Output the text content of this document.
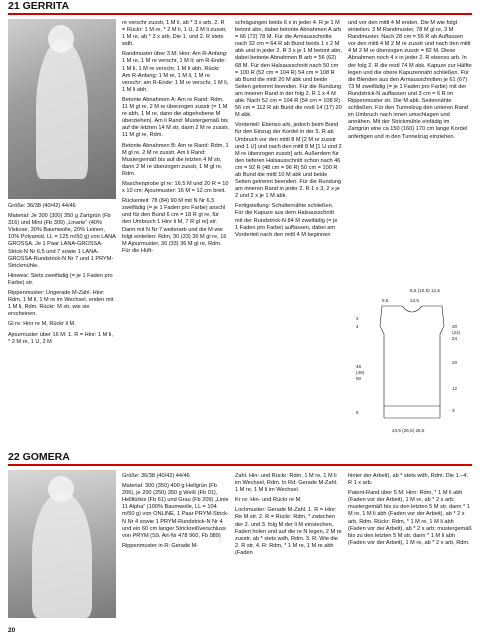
21 GERRITA

Größe: 36/38 (40/42) 44/46

Material: Je 300 (300) 350 g Zartgrün (Fb 316) und Mint (Fb 309) „Linarte“ (40% Viskose, 30% Baumwolle, 20% Leinen, 10% Polyamid, LL = 125 m/50 g) von LANA GROSSA. Je 1 Paar LANA-GROSSA-Strick-N Nr 6,5 und 7 sowie 1 LANA-GROSSA-Rundstrick-N Nr 7 und 1 PRYM-Strickmühle.

Hinweis: Stets zweifädig (= je 1 Faden pro Farbe) str.

Rippenmuster: Ungerade M-Zahl. Hinr: Rdm, 1 M li, 1 M re im Wechsel, enden mit 1 M li, Rdm. Rückr: M str, wie sie erscheinen.

Gl re: Hinr re M, Rückr li M.

Ajourmuster über 16 M: 1. R = Hinr: 1 M li, * 2 M re, 1 U, 2 M

re verschr zusstr, 1 M li, ab * 3 x arb. 2. R = Rückr: 1 M re, * 2 M li, 1 U, 2 M li zusstr, 1 M re, ab * 3 x arb. Die 1. und 2. R stets wdh.

Randmuster über 3 M: Hinr: Am R-Anfang: 1 M re, 1 M re verschr, 1 M li; am R-Ende: 1 M li, 1 M re verschr, 1 M li abh. Rückr: Am R-Anfang: 1 M re, 1 M li, 1 M re verschr; am R-Ende: 1 M re verschr, 1 M li, 1 M li abh.

Betonte Abnahmen A: Am re Rand: Rdm, 11 M gl re, 2 M re überzogen zusstr (= 1 M re abh, 1 M re, dann die abgehobene M überziehen). Am li Rand: Mustergemäß bis auf die letzten 14 M str, dann 2 M re zusstr, 11 M gl re, Rdm.

Betonte Abnahmen B: Am re Rand: Rdm, 1 M gl re, 2 M re zusstr. Am li Rand: Mustergemäß bis auf die letzten 4 M str, dann 2 M re überzogen zusstr, 1 M gl re, Rdm.

Maschenprobe gl re: 16,5 M und 20 R = 10 x 10 cm; Ajourmuster: 16 M = 12 cm breit.

Rückenteil: 78 (84) 90 M mit N Nr 6,5 zweifädig (= je 1 Faden pro Farbe) anschl und für den Bund 6 cm = 18 R gl re, für den Umbruch 1 Hinr li M, 7 R gl re] str. Dann mit N Nr 7 weiterarb und die M wie folgt einteilen: Rdm, 30 (33) 36 M gl re, 16 M Ajourmuster, 30 (33) 36 M gl re, Rdm. Für die Hüft-

schrägungen beids 6 x in jeder 4. R je 1 M betont abn, dabei betonte Abnahmen A arb = 66 (72) 78 M. Für die Armausschnitte nach 32 cm = 64 R ab Bund beids 1 x 2 M abk und in jeder 2. R 3 x je 1 M betont abn, dabei betonte Abnahmen B arb = 56 (62) 68 M. Für den Halsausschnitt nach 50 cm = 100 R (52 cm = 104 R) 54 cm = 108 R ab Bund die mittl 20 M abk und beide Seiten getrennt beenden. Für die Rundung am inneren Rand in der folg 2. R 1 x 4 M abk. Nach 52 cm = 104 R (54 cm = 108 R) 56 cm = 112 R ab Bund die restl 14 (17) 20 M abk.

Vorderteil: Ebenso arb, jedoch beim Bund für den Einzug der Kordel in der 5. R ab Umbruch vor den mittl 8 M [2 M re zusstr und 1 U] und nach den mittl 8 M [1 U und 2 M re überzogen zusstr] arb. Außerdem für den tieferen Halsausschnitt schon nach 46 cm = 92 R (48 cm = 96 R) 50 cm = 100 R ab Bund die mittl 10 M abk und beide Seiten getrennt beenden. Für die Rundung am inneren Rand in jeder 2. R 1 x 3, 2 x je 2 und 2 x je 1 M abk.

Fertigstellung: Schulternähte schließen. Für die Kapuze aus dem Halsausschnitt mit der Rundstrick-N 84 M zweifädig (= je 1 Faden pro Farbe) auffassen, dabei am Vorderteil nach den mittl 4 M beginnen

und vor den mittl 4 M enden. Die M wie folgt einteilen: 3 M Randmuster, 78 M gl re, 3 M Randmuster. Nach 28 cm = 56 R ab Auffassen vor den mittl 4 M 2 M re zusstr und nach den mittl 4 M 2 M re überzogen zusstr = 82 M. Diese Abnahmen noch 4 x in jeder 2. R ebenso arb. In der folg 2. R die restl 74 M abk. Kapuze zur Hälfte legen und die obere Kapuzennaht schließen. Für die Blenden aus den Armausschnitten je 61 (67) 73 M zweifädig (= je 1 Faden pro Farbe) mit der Rundstrick-N auffassen und 3 cm = 6 R im Rippenmuster str. Die M abk. Seitennähte schließen. Für den Tunnelzug den unteren Rand im Umbruch nach innen umschlagen und annähen. Mit der Strickmühle einfädig im Zartgrün eine ca 150 (160) 170 cm lange Kordel anfertigen und in den Tunnelzug einziehen.

8,5 (10,5) 12,5
13,5
9,5
24,5 (26,5) 28,5
2
4	20
(22)
24
20
12
3
46
(48)
50
6
22 GOMERA

Größe: 36/38 (40/42) 44/46

Material: 300 (350) 400 g Hellgrün (Fb 206), je 200 (250) 350 g Weiß (Fb 01), Hellltürkis (Fb 61) und Grau (Fb 209) „Linie 11 Alpha“ (100% Baumwolle, LL = 104 m/50 g) von ONLINE. 1 Paar PRYM-Strick-N Nr 4 sowie 1 PRYM-Rundstrick-N Nr 4 und ein 60 cm langer Strickreißverschluss von PRYM (S9, Art-Nr 478 960, Fb 089)

Rippenmuster in R: Gerade M-

Zahl. Hin- und Rückr: Rdm, 1 M re, 1 M li im Wechsel, Rdm. In Rd: Gerade M-Zahl. 1 M re, 1 M li im Wechsel.

Kr re: Hin- und Rückr re M.

Lochmuster: Gerade M-Zahl. 1. R = Hinr: Re M str. 2. R = Rückr: Rdm, * zwischen der 2. und 3. folg M der li M einstechen, Faden holen und auf die re N legen, 2 M re zusstr, ab * stets wdh, Rdm. 3. R: Wie die 2. R str. 4. R: Rdm, * 1 M re, 1 M re abh (Faden

hinter der Arbeit), ab * stets wdh, Rdm. Die 1.–4. R 1 x arb.

Patent-Rand über 5 M: Hinr: Rdm, * 1 M li abh (Faden vor der Arbeit), 1 M re, ab * 2 x arb; mustergemäß bis zu den letzten 5 M str, dann * 1 M re, 1 M li abh (Faden vor der Arbeit), ab * 2 x arb, Rdm. Rückr: Rdm, * 1 M re, 1 M li abh (Faden vor der Arbeit), ab * 2 x arb; mustergemäß bis zu den letzten 5 M str, dann * 1 M li abh (Faden vor der Arbeit), 1 M re, ab * 2 x arb, Rdm.

20
